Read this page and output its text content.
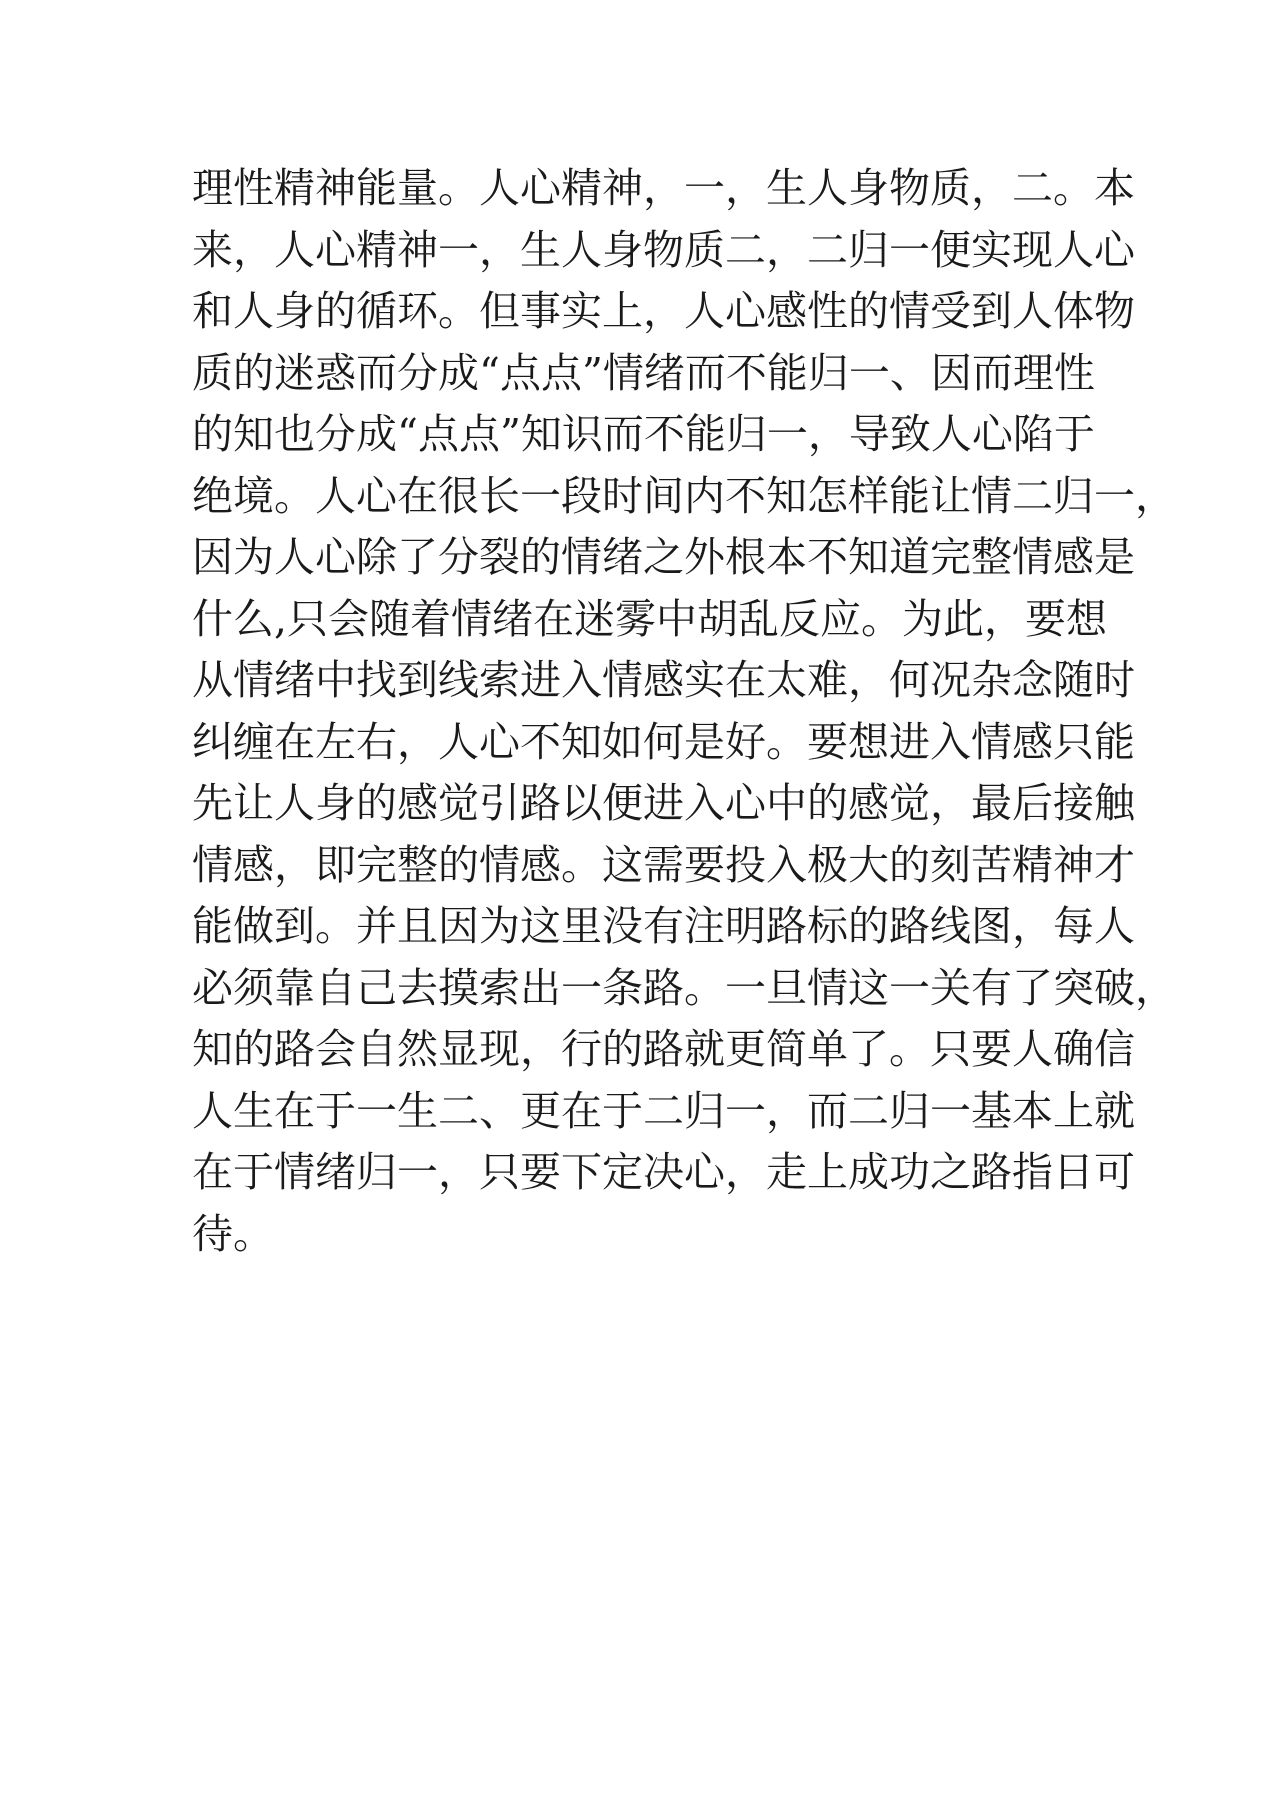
理性精神能量。人心精神，一，生人身物质，二。本
来，人心精神一，生人身物质二，二归一便实现人心
和人身的循环。但事实上，人心感性的情受到人体物
质的迷惑而分成“点点”情绪而不能归一、因而理性
的知也分成“点点”知识而不能归一，导致人心陷于
绝境。人心在很长一段时间内不知怎样能让情二归一，
因为人心除了分裂的情绪之外根本不知道完整情感是
什么,只会随着情绪在迷雾中胡乱反应。为此，要想
从情绪中找到线索进入情感实在太难，何况杂念随时
纠缠在左右，人心不知如何是好。要想进入情感只能
先让人身的感觉引路以便进入心中的感觉，最后接触
情感，即完整的情感。这需要投入极大的刻苦精神才
能做到。并且因为这里没有注明路标的路线图，每人
必须靠自己去摸索出一条路。一旦情这一关有了突破，
知的路会自然显现，行的路就更简单了。只要人确信
人生在于一生二、更在于二归一，而二归一基本上就
在于情绪归一，只要下定决心，走上成功之路指日可
待。
